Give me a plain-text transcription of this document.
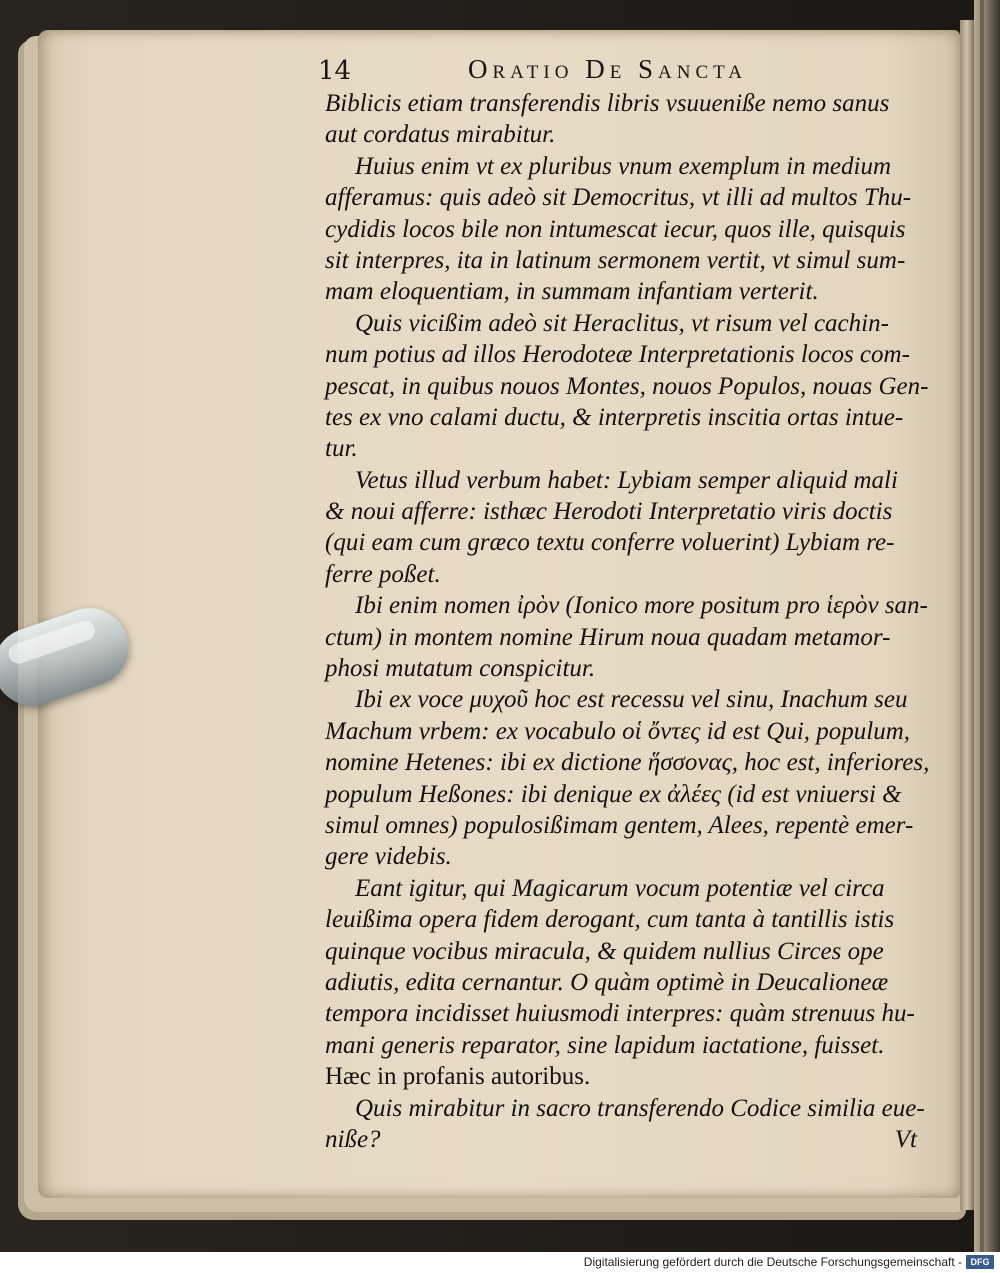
14	Oratio De Sancta
Biblicis etiam transferendis libris vsuueniße nemo sanus
aut cordatus mirabitur.
Huius enim vt ex pluribus vnum exemplum in medium
afferamus: quis adeò sit Democritus, vt illi ad multos Thu-
cydidis locos bile non intumescat iecur, quos ille, quisquis
sit interpres, ita in latinum sermonem vertit, vt simul sum-
mam eloquentiam, in summam infantiam verterit.
Quis vicißim adeò sit Heraclitus, vt risum vel cachin-
num potius ad illos Herodoteæ Interpretationis locos com-
pescat, in quibus nouos Montes, nouos Populos, nouas Gen-
tes ex vno calami ductu, & interpretis inscitia ortas intue-
tur.
Vetus illud verbum habet: Lybiam semper aliquid mali
& noui afferre: isthæc Herodoti Interpretatio viris doctis
(qui eam cum græco textu conferre voluerint) Lybiam re-
ferre poßet.
Ibi enim nomen ἰρὸν (Ionico more positum pro ἱερὸν san-
ctum) in montem nomine Hirum noua quadam metamor-
phosi mutatum conspicitur.
Ibi ex voce μυχοῦ hoc est recessu vel sinu, Inachum seu
Machum vrbem: ex vocabulo οἱ ὄντες id est Qui, populum,
nomine Hetenes: ibi ex dictione ἥσσονας, hoc est, inferiores,
populum Heßones: ibi denique ex ἀλέες (id est vniuersi &
simul omnes) populosißimam gentem, Alees, repentè emer-
gere videbis.
Eant igitur, qui Magicarum vocum potentiæ vel circa
leuißima opera fidem derogant, cum tanta à tantillis istis
quinque vocibus miracula, & quidem nullius Circes ope
adiutis, edita cernantur. O quàm optimè in Deucalioneæ
tempora incidisset huiusmodi interpres: quàm strenuus hu-
mani generis reparator, sine lapidum iactatione, fuisset.
Hæc in profanis autoribus.
Quis mirabitur in sacro transferendo Codice similia eue-
niße?	Vt
Digitalisierung gefördert durch die Deutsche Forschungsgemeinschaft - DFG
